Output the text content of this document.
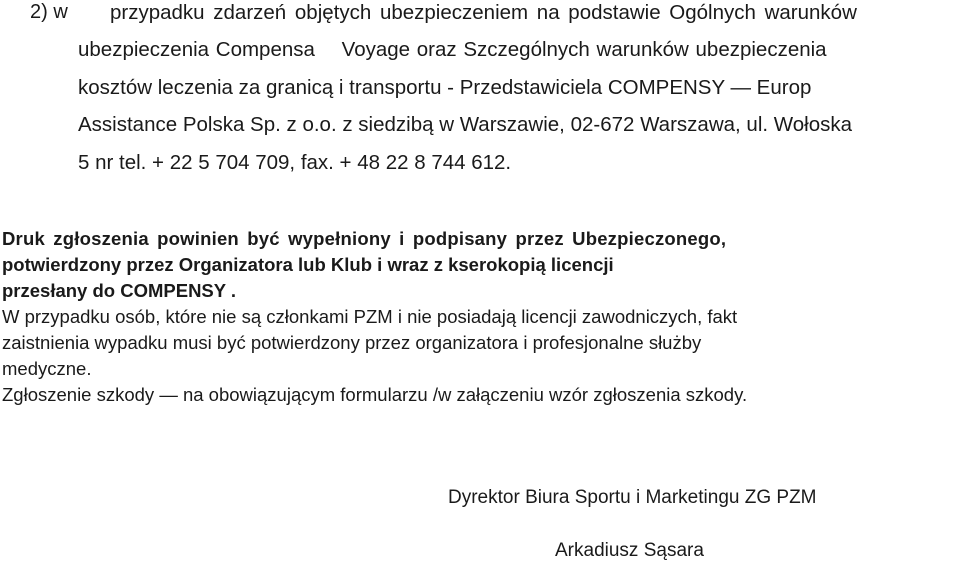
2) w przypadku zdarzeń objętych ubezpieczeniem na podstawie Ogólnych warunków
ubezpieczenia Compensa    Voyage oraz Szczególnych warunków ubezpieczenia
kosztów leczenia za granicą i transportu - Przedstawiciela COMPENSY — Europ
Assistance Polska Sp. z o.o. z siedzibą w Warszawie, 02-672 Warszawa, ul. Wołoska
5 nr tel. + 22 5 704 709, fax. + 48 22 8 744 612.
Druk zgłoszenia powinien być wypełniony i podpisany przez Ubezpieczonego,
potwierdzony przez Organizatora lub Klub i wraz z kserokopią licencji
przesłany do COMPENSY .
W przypadku osób, które nie są członkami PZM i nie posiadają licencji zawodniczych, fakt
zaistnienia wypadku musi być potwierdzony przez organizatora i profesjonalne służby
medyczne.
Zgłoszenie szkody — na obowiązującym formularzu /w załączeniu wzór zgłoszenia szkody.
Dyrektor Biura Sportu i Marketingu ZG PZM
Arkadiusz Sąsara
